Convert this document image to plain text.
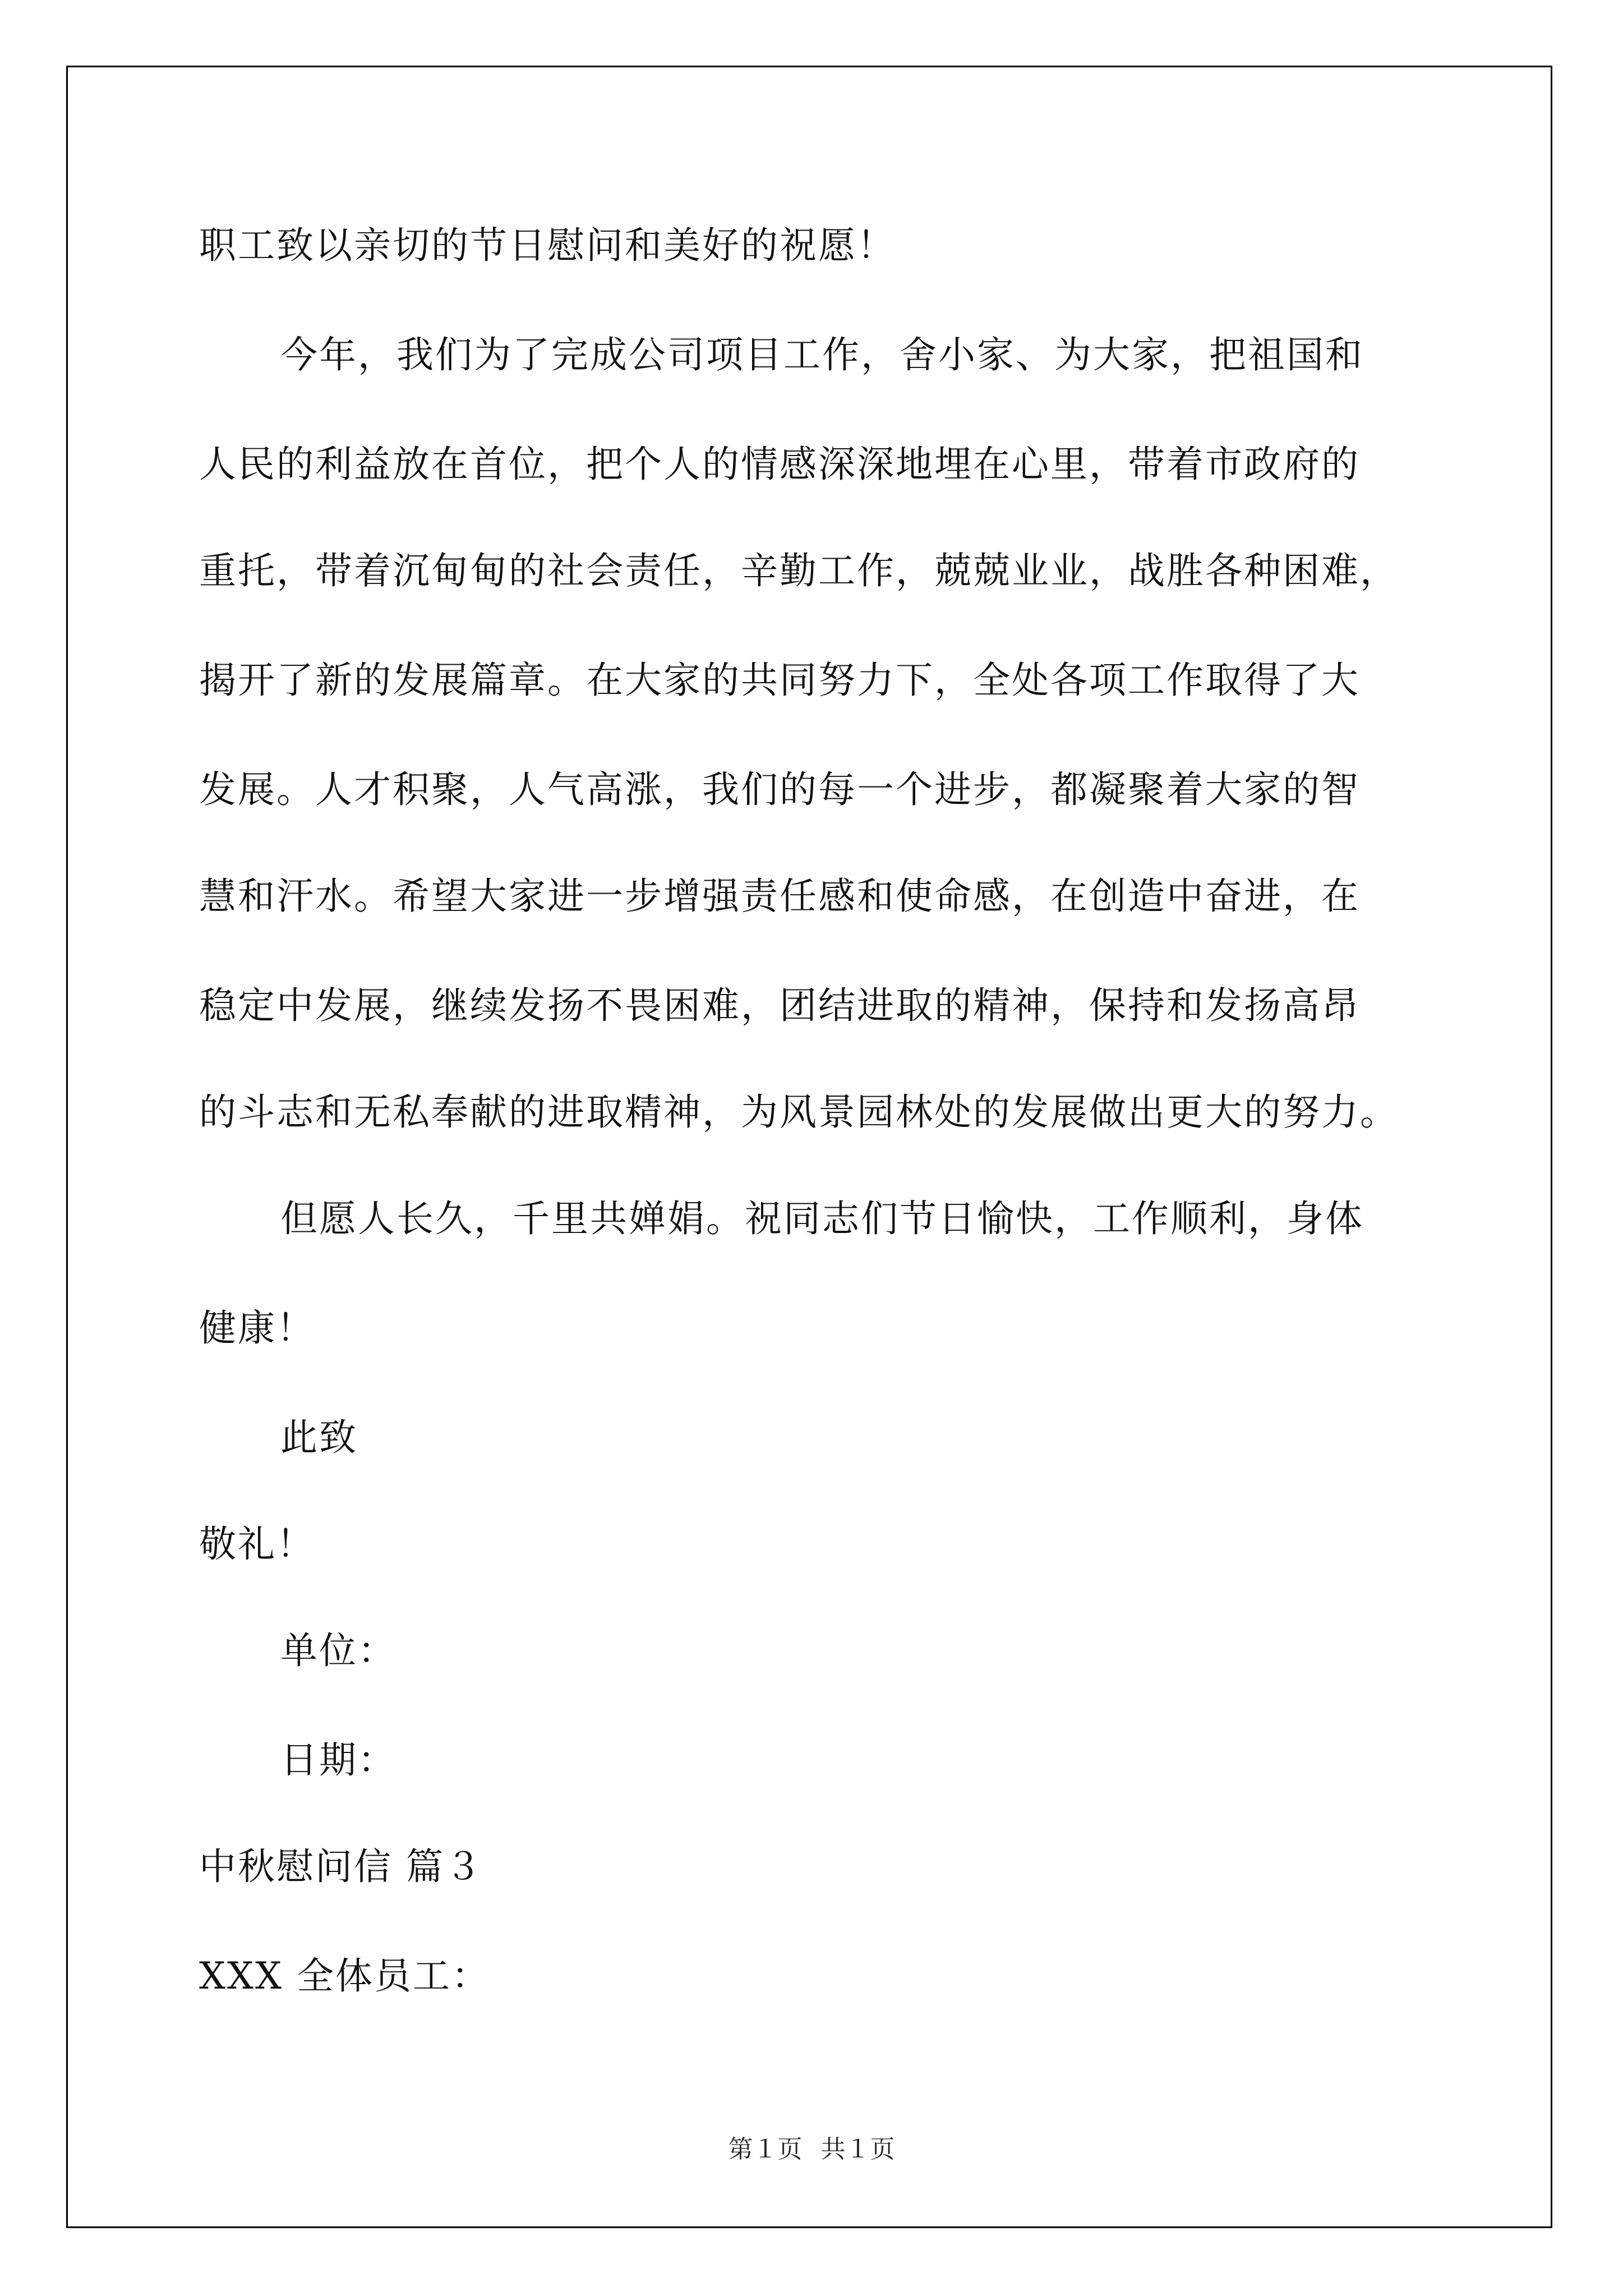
职工致以亲切的节日慰问和美好的祝愿！
今年，我们为了完成公司项目工作，舍小家、为大家，把祖国和
人民的利益放在首位，把个人的情感深深地埋在心里，带着市政府的
重托，带着沉甸甸的社会责任，辛勤工作，兢兢业业，战胜各种困难，
揭开了新的发展篇章。在大家的共同努力下，全处各项工作取得了大
发展。人才积聚，人气高涨，我们的每一个进步，都凝聚着大家的智
慧和汗水。希望大家进一步增强责任感和使命感，在创造中奋进，在
稳定中发展，继续发扬不畏困难，团结进取的精神，保持和发扬高昂
的斗志和无私奉献的进取精神，为风景园林处的发展做出更大的努力。
但愿人长久，千里共婵娟。祝同志们节日愉快，工作顺利，身体
健康！
此致
敬礼！
单位：
日期：
中秋慰问信 篇３
XXX 全体员工：
第１页   共１页
